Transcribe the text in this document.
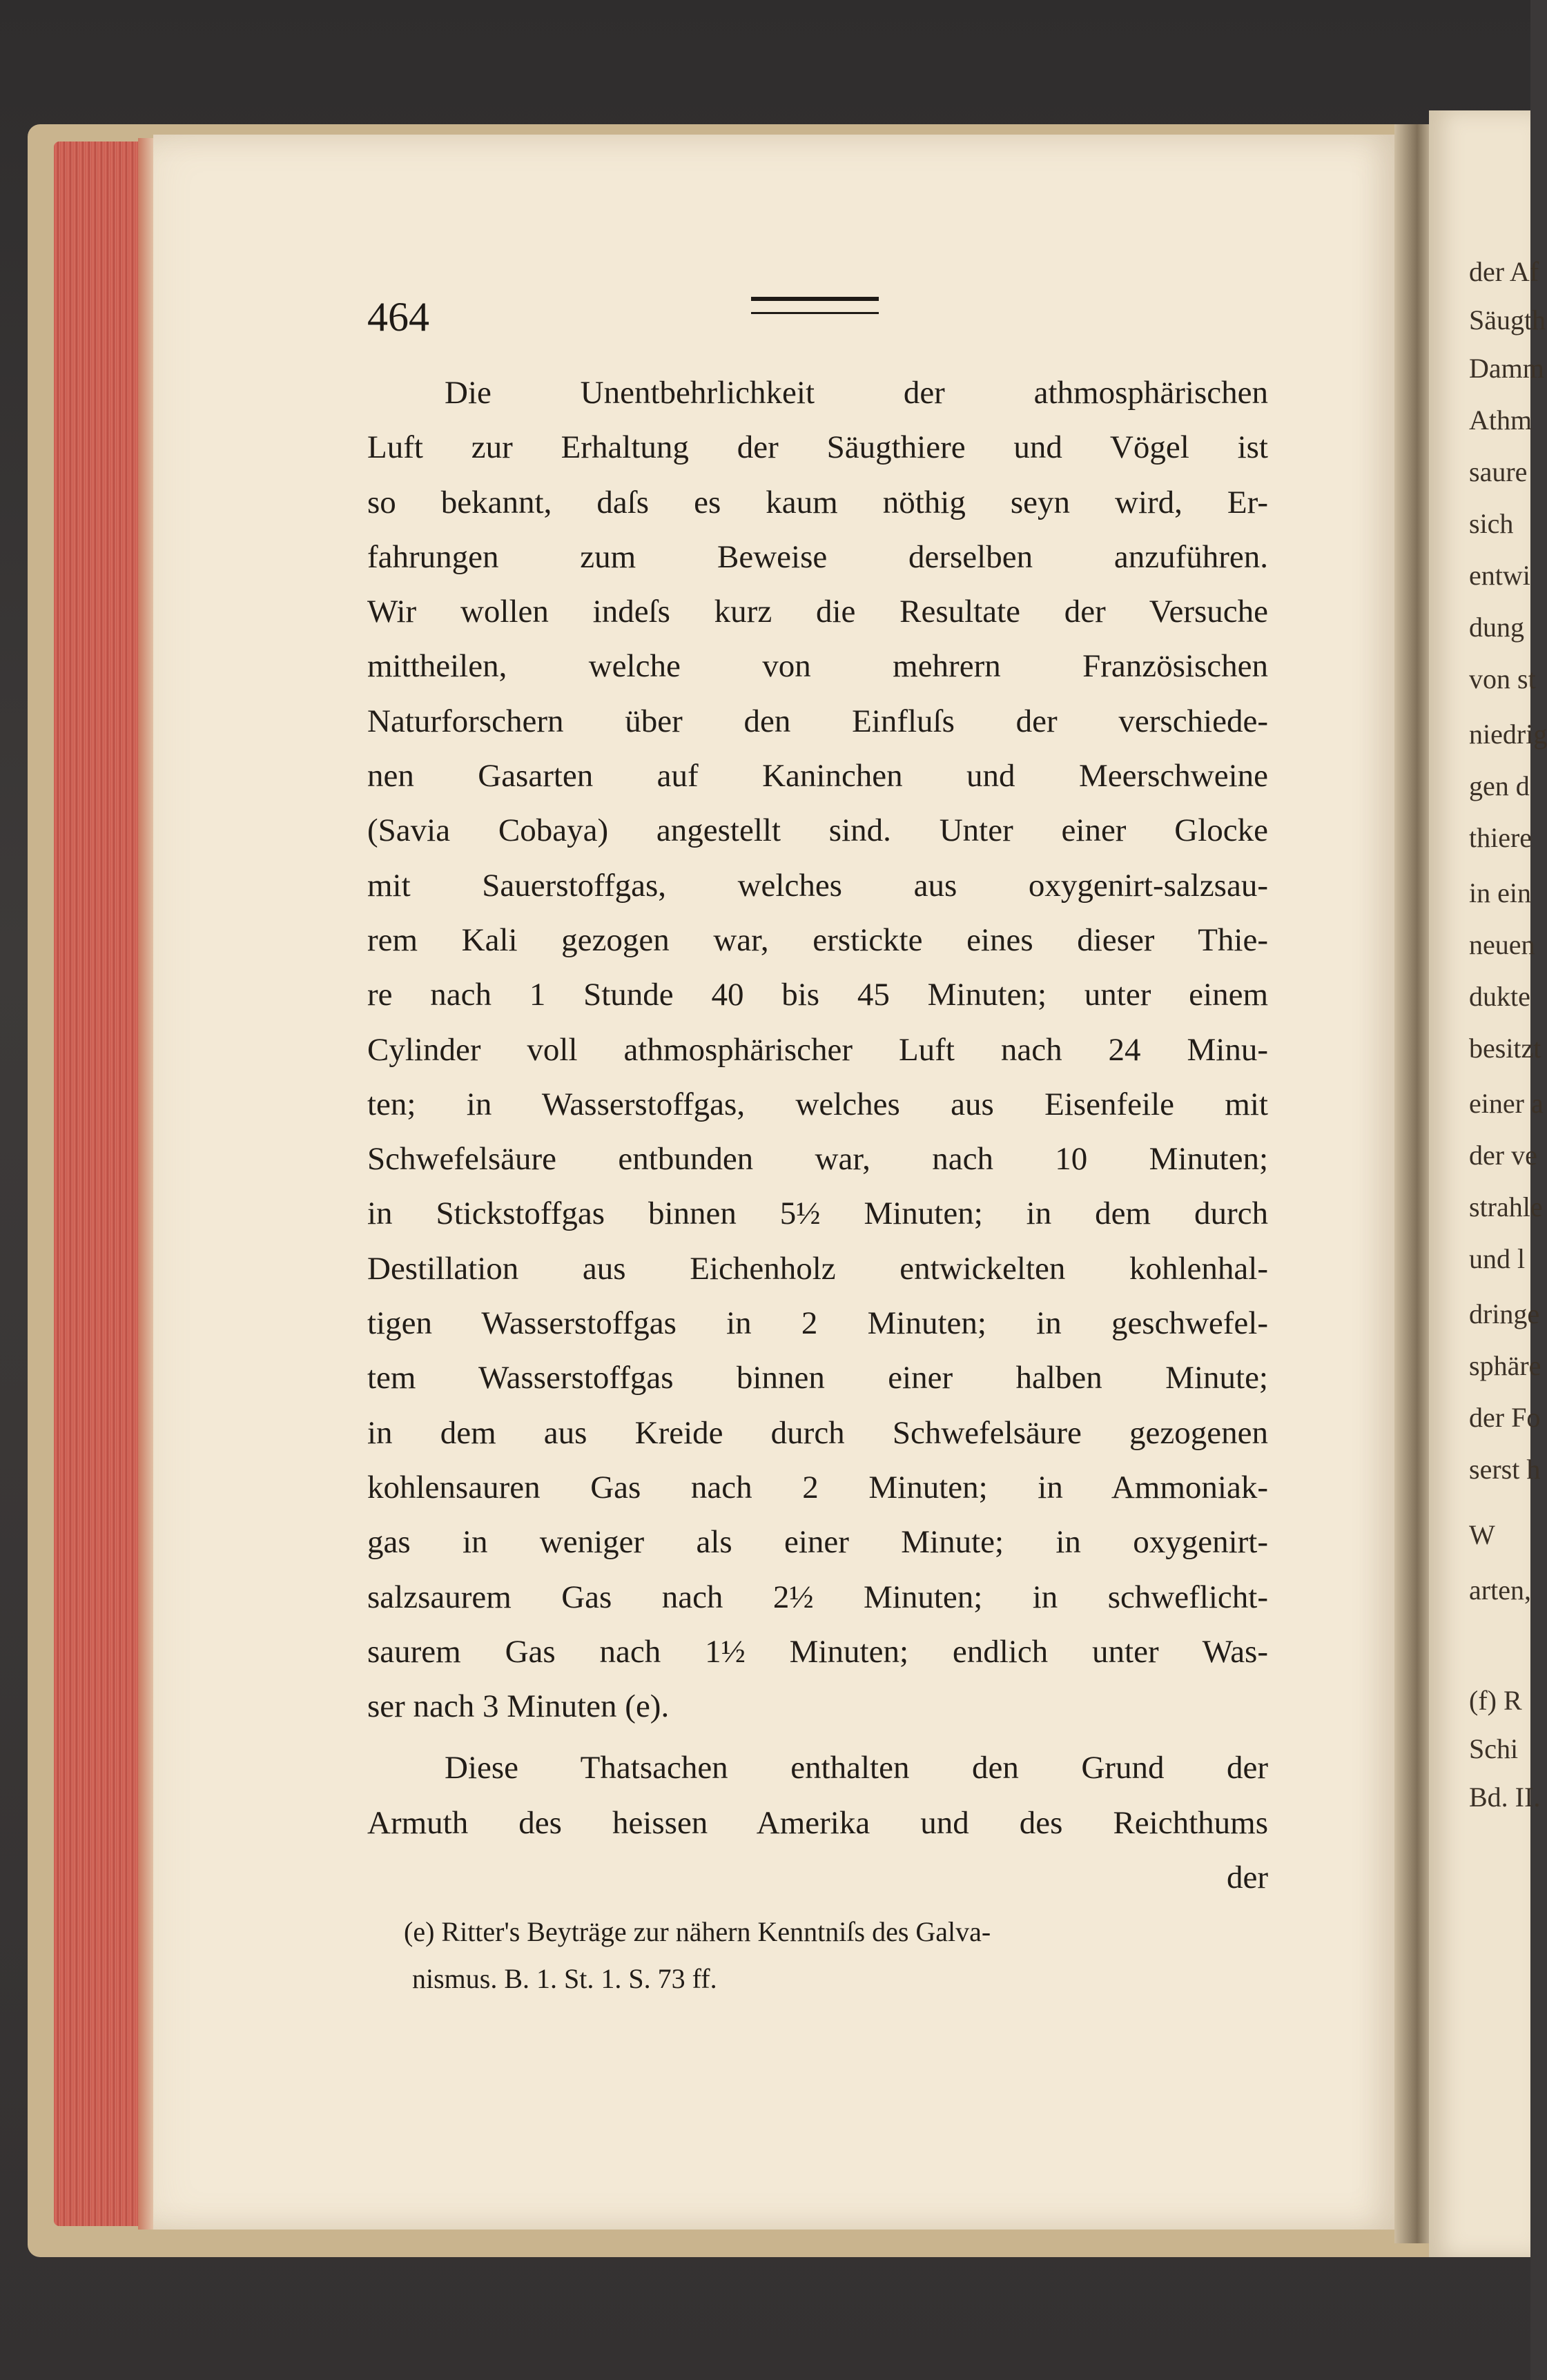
der Af
Säugth
Damm
Athm
saure
sich
entwi
dung
von st
niedrig
gen d
thiere
in ein
neuen
dukte
besitzt
einer a
der ve
strahle
und l
dringe
sphäre
der Fo
serst h
W
arten,
(f) R
Schi
Bd. II.
464
Die Unentbehrlichkeit der athmosphärischen
Luft zur Erhaltung der Säugthiere und Vögel ist
so bekannt, daſs es kaum nöthig seyn wird, Er-
fahrungen zum Beweise derselben anzuführen.
Wir wollen indeſs kurz die Resultate der Versuche
mittheilen, welche von mehrern Französischen
Naturforschern über den Einfluſs der verschiede-
nen Gasarten auf Kaninchen und Meerschweine
(Savia Cobaya) angestellt sind. Unter einer Glocke
mit Sauerstoffgas, welches aus oxygenirt-salzsau-
rem Kali gezogen war, erstickte eines dieser Thie-
re nach 1 Stunde 40 bis 45 Minuten; unter einem
Cylinder voll athmosphärischer Luft nach 24 Minu-
ten; in Wasserstoffgas, welches aus Eisenfeile mit
Schwefelsäure entbunden war, nach 10 Minuten;
in Stickstoffgas binnen 5½ Minuten; in dem durch
Destillation aus Eichenholz entwickelten kohlenhal-
tigen Wasserstoffgas in 2 Minuten; in geschwefel-
tem Wasserstoffgas binnen einer halben Minute;
in dem aus Kreide durch Schwefelsäure gezogenen
kohlensauren Gas nach 2 Minuten; in Ammoniak-
gas in weniger als einer Minute; in oxygenirt-
salzsaurem Gas nach 2½ Minuten; in schweflicht-
saurem Gas nach 1½ Minuten; endlich unter Was-
ser nach 3 Minuten (e).
Diese Thatsachen enthalten den Grund der
Armuth des heissen Amerika und des Reichthums
der
(e) Ritter's Beyträge zur nähern Kenntniſs des Galva-
nismus. B. 1. St. 1. S. 73 ff.
